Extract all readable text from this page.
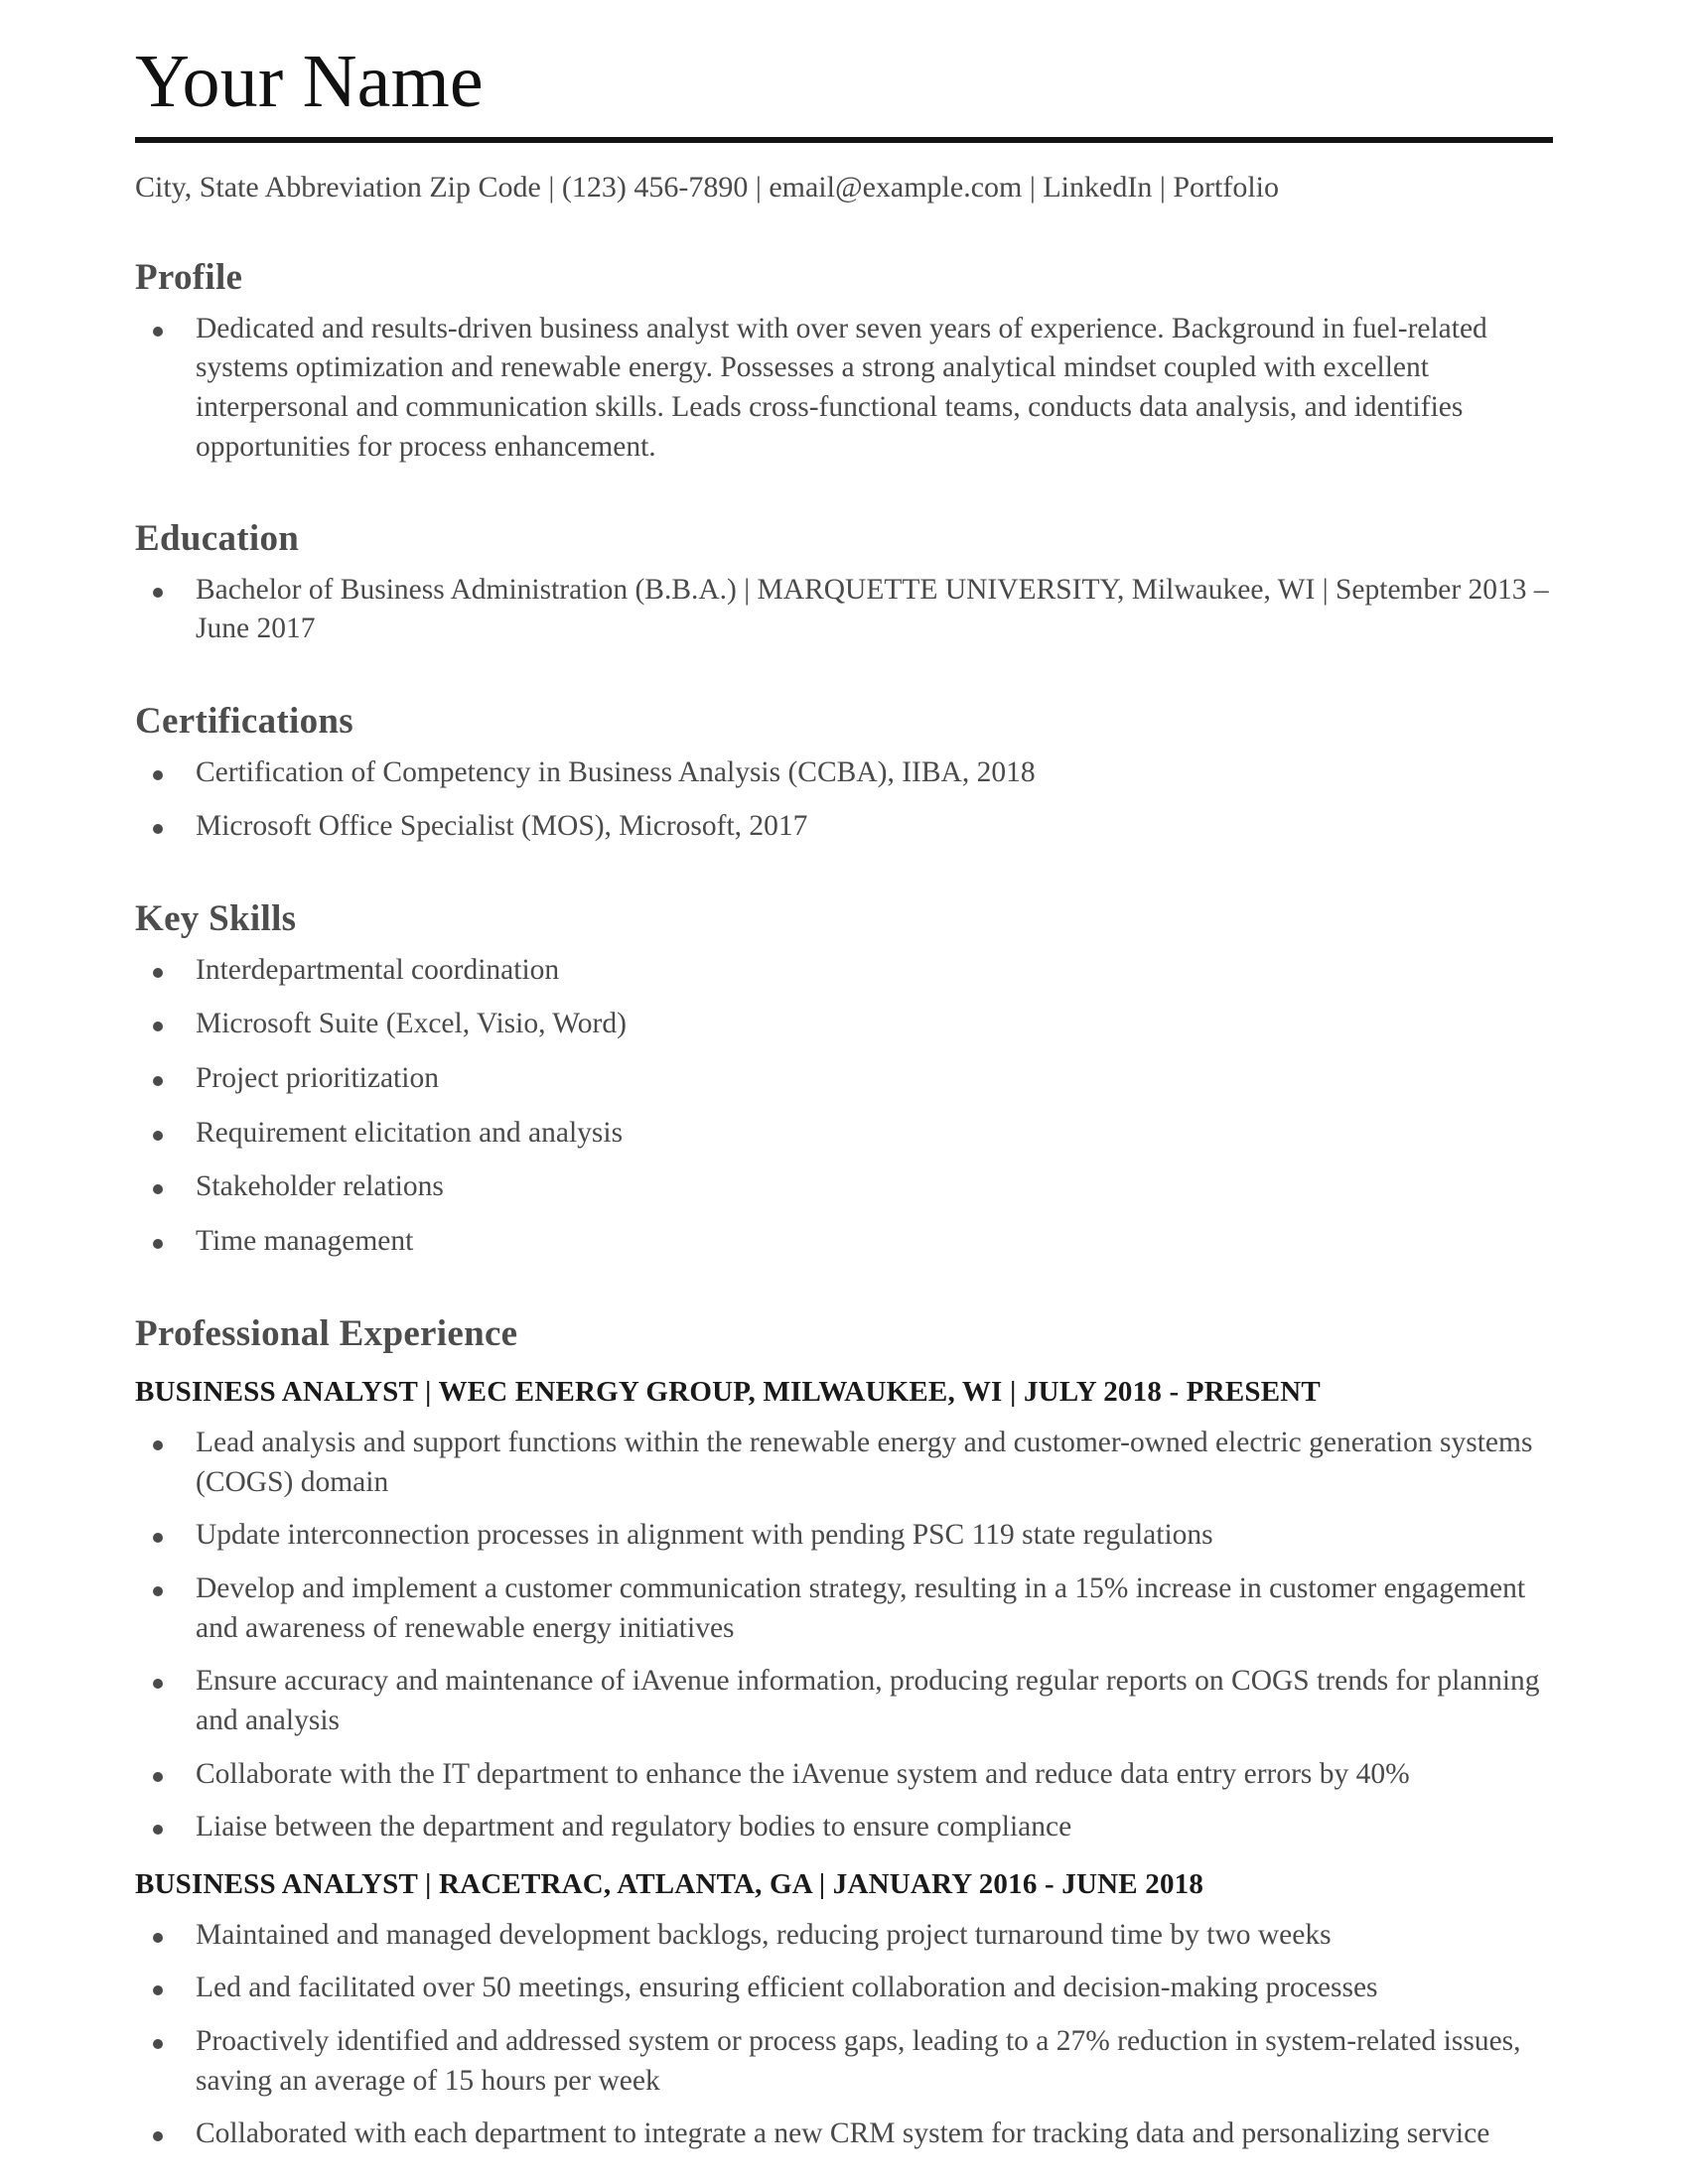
Your Name
City, State Abbreviation Zip Code | (123) 456-7890 | email@example.com | LinkedIn | Portfolio
Profile
Dedicated and results-driven business analyst with over seven years of experience. Background in fuel-related systems optimization and renewable energy. Possesses a strong analytical mindset coupled with excellent interpersonal and communication skills. Leads cross-functional teams, conducts data analysis, and identifies opportunities for process enhancement.
Education
Bachelor of Business Administration (B.B.A.) | MARQUETTE UNIVERSITY, Milwaukee, WI | September 2013 – June 2017
Certifications
Certification of Competency in Business Analysis (CCBA), IIBA, 2018
Microsoft Office Specialist (MOS), Microsoft, 2017
Key Skills
Interdepartmental coordination
Microsoft Suite (Excel, Visio, Word)
Project prioritization
Requirement elicitation and analysis
Stakeholder relations
Time management
Professional Experience
BUSINESS ANALYST | WEC ENERGY GROUP, MILWAUKEE, WI | JULY 2018 - PRESENT
Lead analysis and support functions within the renewable energy and customer-owned electric generation systems (COGS) domain
Update interconnection processes in alignment with pending PSC 119 state regulations
Develop and implement a customer communication strategy, resulting in a 15% increase in customer engagement and awareness of renewable energy initiatives
Ensure accuracy and maintenance of iAvenue information, producing regular reports on COGS trends for planning and analysis
Collaborate with the IT department to enhance the iAvenue system and reduce data entry errors by 40%
Liaise between the department and regulatory bodies to ensure compliance
BUSINESS ANALYST | RACETRAC, ATLANTA, GA | JANUARY 2016 - JUNE 2018
Maintained and managed development backlogs, reducing project turnaround time by two weeks
Led and facilitated over 50 meetings, ensuring efficient collaboration and decision-making processes
Proactively identified and addressed system or process gaps, leading to a 27% reduction in system-related issues, saving an average of 15 hours per week
Collaborated with each department to integrate a new CRM system for tracking data and personalizing service
